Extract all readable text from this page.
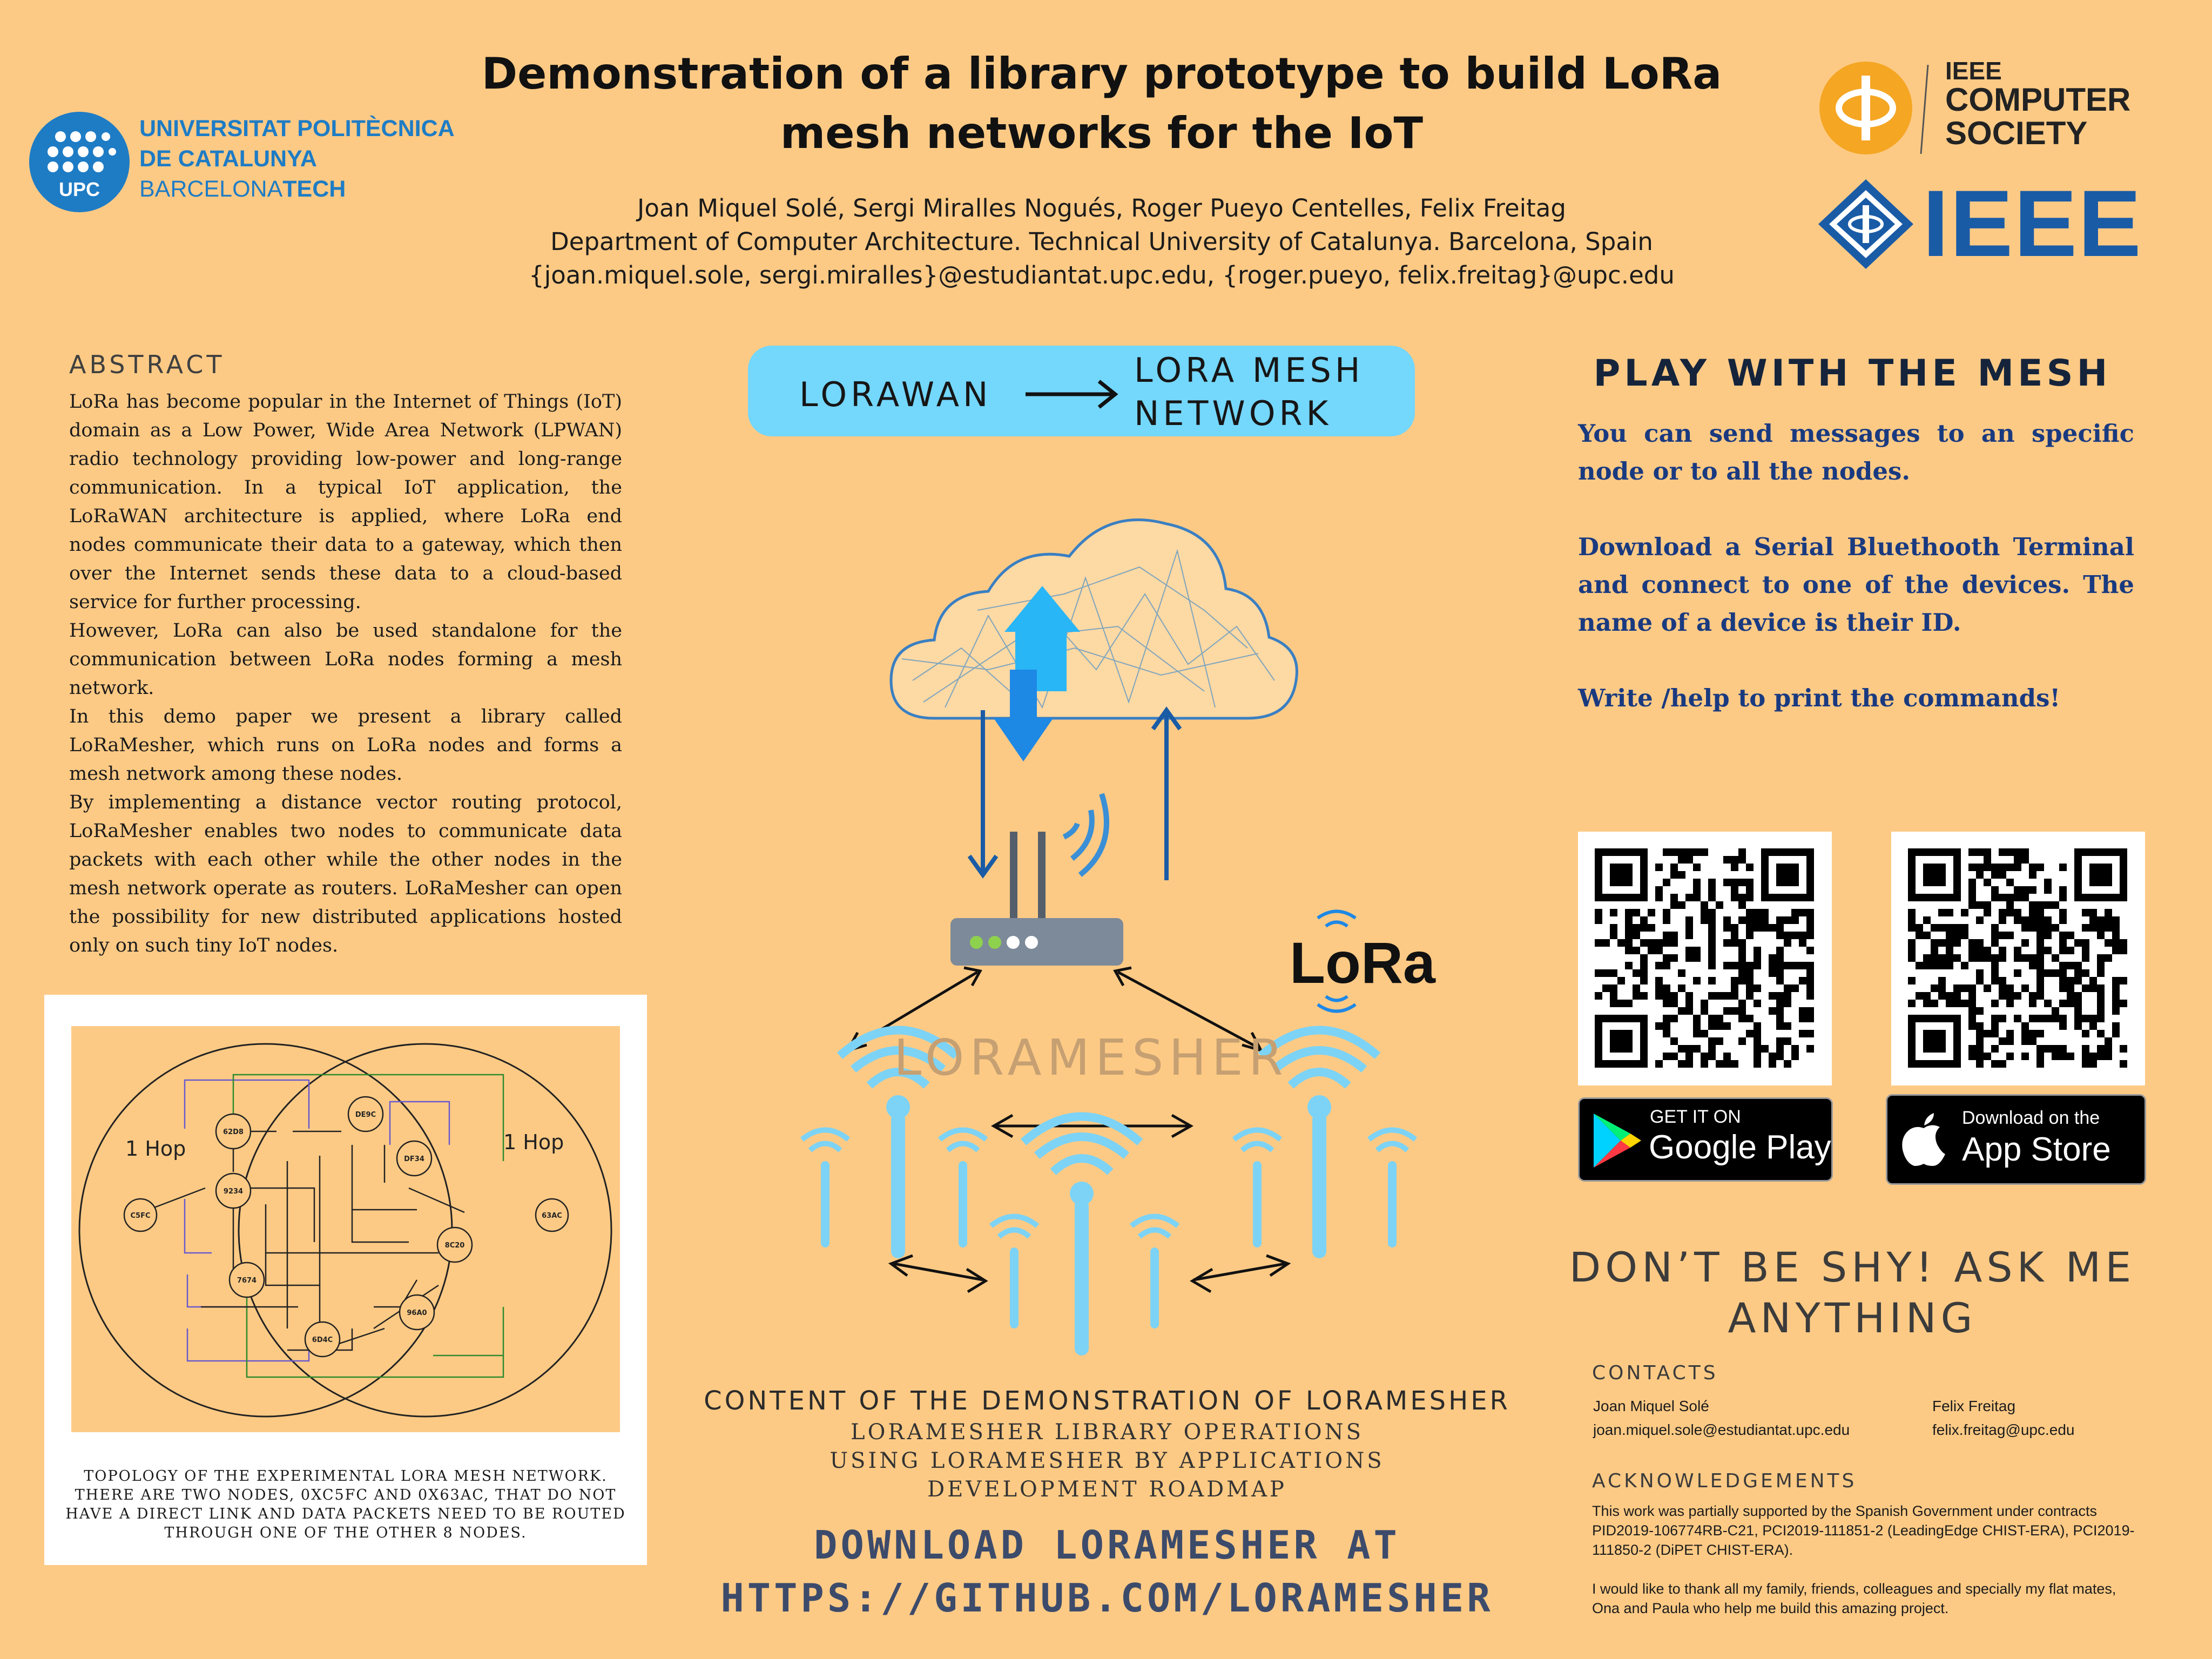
UPC
UNIVERSITAT POLITÈCNICA
DE CATALUNYA
BARCELONATECH
Demonstration of a library prototype to build LoRa
mesh networks for the IoT
Joan Miquel Solé, Sergi Miralles Nogués, Roger Pueyo Centelles, Felix Freitag
Department of Computer Architecture. Technical University of Catalunya. Barcelona, Spain
{joan.miquel.sole, sergi.miralles}@estudiantat.upc.edu, {roger.pueyo, felix.freitag}@upc.edu
IEEE
COMPUTER
SOCIETY
IEEE
ABSTRACT

LoRa has become popular in the Internet of Things (IoT) domain as a Low Power, Wide Area Network (LPWAN) radio technology providing low-power and long-range communication. In a typical IoT application, the LoRaWAN architecture is applied, where LoRa end nodes communicate their data to a gateway, which then over the Internet sends these data to a cloud-based service for further processing.

However, LoRa can also be used standalone for the communication between LoRa nodes forming a mesh network.

In this demo paper we present a library called LoRaMesher, which runs on LoRa nodes and forms a mesh network among these nodes.

By implementing a distance vector routing protocol, LoRaMesher enables two nodes to communicate data packets with each other while the other nodes in the mesh network operate as routers. LoRaMesher can open the possibility for new distributed applications hosted only on such tiny IoT nodes.

C5FC
62D8
DE9C
9234
DF34
63AC
8C20
7674
96A0
6D4C
1 Hop	1 Hop
TOPOLOGY OF THE EXPERIMENTAL LORA MESH NETWORK. THERE ARE TWO NODES, 0XC5FC AND 0X63AC, THAT DO NOT HAVE A DIRECT LINK AND DATA PACKETS NEED TO BE ROUTED THROUGH ONE OF THE OTHER 8 NODES.
LORAWAN
LORA MESH
NETWORK
LoRa
LORAMESHER
CONTENT OF THE DEMONSTRATION OF LORAMESHER
LORAMESHER LIBRARY OPERATIONS
USING LORAMESHER BY APPLICATIONS
DEVELOPMENT ROADMAP
DOWNLOAD LORAMESHER AT
HTTPS://GITHUB.COM/LORAMESHER
PLAY WITH THE MESH

You can send messages to an specific node or to all the nodes.

Download a Serial Bluethooth Terminal and connect to one of the devices. The name of a device is their ID.

Write /help to print the commands!

GET IT ON
Google Play
Download on the
App Store
DON’T BE SHY! ASK ME
ANYTHING
CONTACTS
Joan Miquel Solé
joan.miquel.sole@estudiantat.upc.edu
Felix Freitag
felix.freitag@upc.edu
ACKNOWLEDGEMENTS

This work was partially supported by the Spanish Government under contracts PID2019-106774RB-C21, PCI2019-111851-2 (LeadingEdge CHIST-ERA), PCI2019-111850-2 (DiPET CHIST-ERA).

I would like to thank all my family, friends, colleagues and specially my flat mates, Ona and Paula who help me build this amazing project.
